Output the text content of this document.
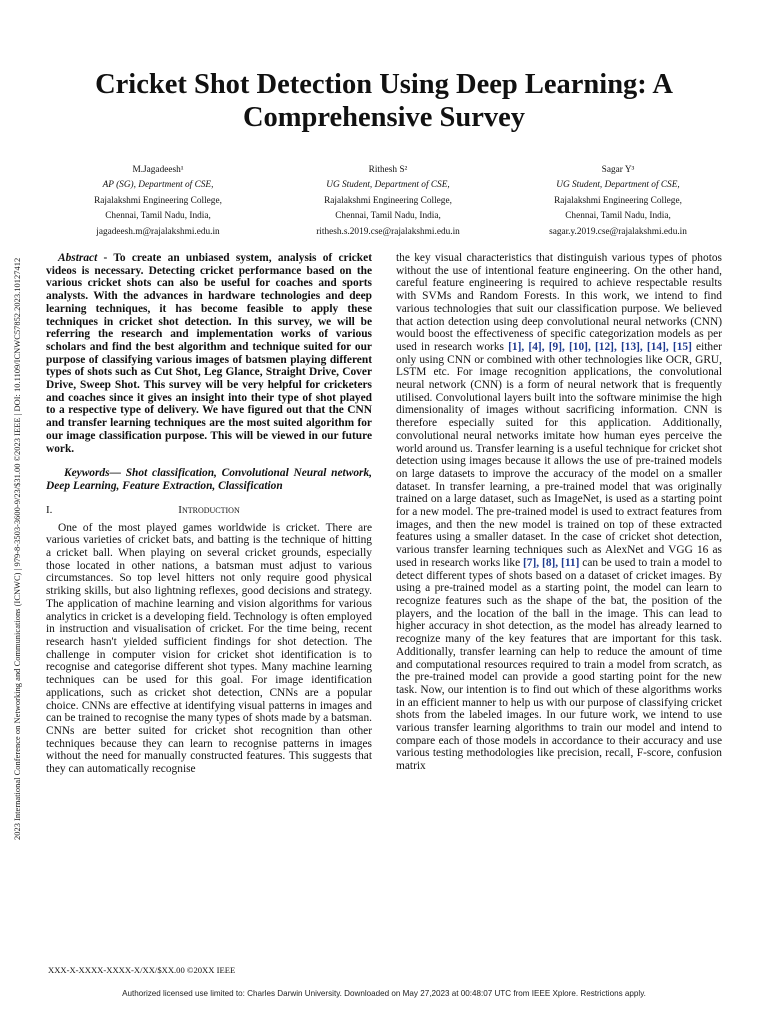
2023 International Conference on Networking and Communications (ICNWC) | 979-8-3503-3600-9/23/$31.00 ©2023 IEEE | DOI: 10.1109/ICNWC57852.2023.10127412
Cricket Shot Detection Using Deep Learning: A Comprehensive Survey
M.Jagadeesh¹
AP (SG), Department of CSE,
Rajalakshmi Engineering College,
Chennai, Tamil Nadu, India,
jagadeesh.m@rajalakshmi.edu.in
Rithesh S²
UG Student, Department of CSE,
Rajalakshmi Engineering College,
Chennai, Tamil Nadu, India,
rithesh.s.2019.cse@rajalakshmi.edu.in
Sagar Y³
UG Student, Department of CSE,
Rajalakshmi Engineering College,
Chennai, Tamil Nadu, India,
sagar.y.2019.cse@rajalakshmi.edu.in

Abstract - To create an unbiased system, analysis of cricket videos is necessary. Detecting cricket performance based on the various cricket shots can also be useful for coaches and sports analysts. With the advances in hardware technologies and deep learning techniques, it has become feasible to apply these techniques in cricket shot detection. In this survey, we will be referring the research and implementation works of various scholars and find the best algorithm and technique suited for our purpose of classifying various images of batsmen playing different types of shots such as Cut Shot, Leg Glance, Straight Drive, Cover Drive, Sweep Shot. This survey will be very helpful for cricketers and coaches since it gives an insight into their type of shot played to a respective type of delivery. We have figured out that the CNN and transfer learning techniques are the most suited algorithm for our image classification purpose. This will be viewed in our future work.

Keywords— Shot classification, Convolutional Neural network, Deep Learning, Feature Extraction, Classification

I.	Introduction

One of the most played games worldwide is cricket. There are various varieties of cricket bats, and batting is the technique of hitting a cricket ball. When playing on several cricket grounds, especially those located in other nations, a batsman must adjust to various circumstances. So top level hitters not only require good physical striking skills, but also lightning reflexes, good decisions and strategy. The application of machine learning and vision algorithms for various analytics in cricket is a developing field. Technology is often employed in instruction and visualisation of cricket. For the time being, recent research hasn't yielded sufficient findings for shot detection. The challenge in computer vision for cricket shot identification is to recognise and categorise different shot types. Many machine learning techniques can be used for this goal. For image identification applications, such as cricket shot detection, CNNs are a popular choice. CNNs are effective at identifying visual patterns in images and can be trained to recognise the many types of shots made by a batsman. CNNs are better suited for cricket shot recognition than other techniques because they can learn to recognise patterns in images without the need for manually constructed features. This suggests that they can automatically recognise

the key visual characteristics that distinguish various types of photos without the use of intentional feature engineering. On the other hand, careful feature engineering is required to achieve respectable results with SVMs and Random Forests. In this work, we intend to find various technologies that suit our classification purpose. We believed that action detection using deep convolutional neural networks (CNN) would boost the effectiveness of specific categorization models as per used in research works [1], [4], [9], [10], [12], [13], [14], [15] either only using CNN or combined with other technologies like OCR, GRU, LSTM etc. For image recognition applications, the convolutional neural network (CNN) is a form of neural network that is frequently utilised. Convolutional layers built into the software minimise the high dimensionality of images without sacrificing information. CNN is therefore especially suited for this application. Additionally, convolutional neural networks imitate how human eyes perceive the world around us. Transfer learning is a useful technique for cricket shot detection using images because it allows the use of pre-trained models on large datasets to improve the accuracy of the model on a smaller dataset. In transfer learning, a pre-trained model that was originally trained on a large dataset, such as ImageNet, is used as a starting point for a new model. The pre-trained model is used to extract features from images, and then the new model is trained on top of these extracted features using a smaller dataset. In the case of cricket shot detection, various transfer learning techniques such as AlexNet and VGG 16 as used in research works like [7], [8], [11] can be used to train a model to detect different types of shots based on a dataset of cricket images. By using a pre-trained model as a starting point, the model can learn to recognize features such as the shape of the bat, the position of the players, and the location of the ball in the image. This can lead to higher accuracy in shot detection, as the model has already learned to recognize many of the key features that are important for this task. Additionally, transfer learning can help to reduce the amount of time and computational resources required to train a model from scratch, as the pre-trained model can provide a good starting point for the new task. Now, our intention is to find out which of these algorithms works in an efficient manner to help us with our purpose of classifying cricket shots from the labeled images. In our future work, we intend to use various transfer learning algorithms to train our model and intend to compare each of those models in accordance to their accuracy and use various testing methodologies like precision, recall, F-score, confusion matrix

XXX-X-XXXX-XXXX-X/XX/$XX.00 ©20XX IEEE
Authorized licensed use limited to: Charles Darwin University. Downloaded on May 27,2023 at 00:48:07 UTC from IEEE Xplore. Restrictions apply.
